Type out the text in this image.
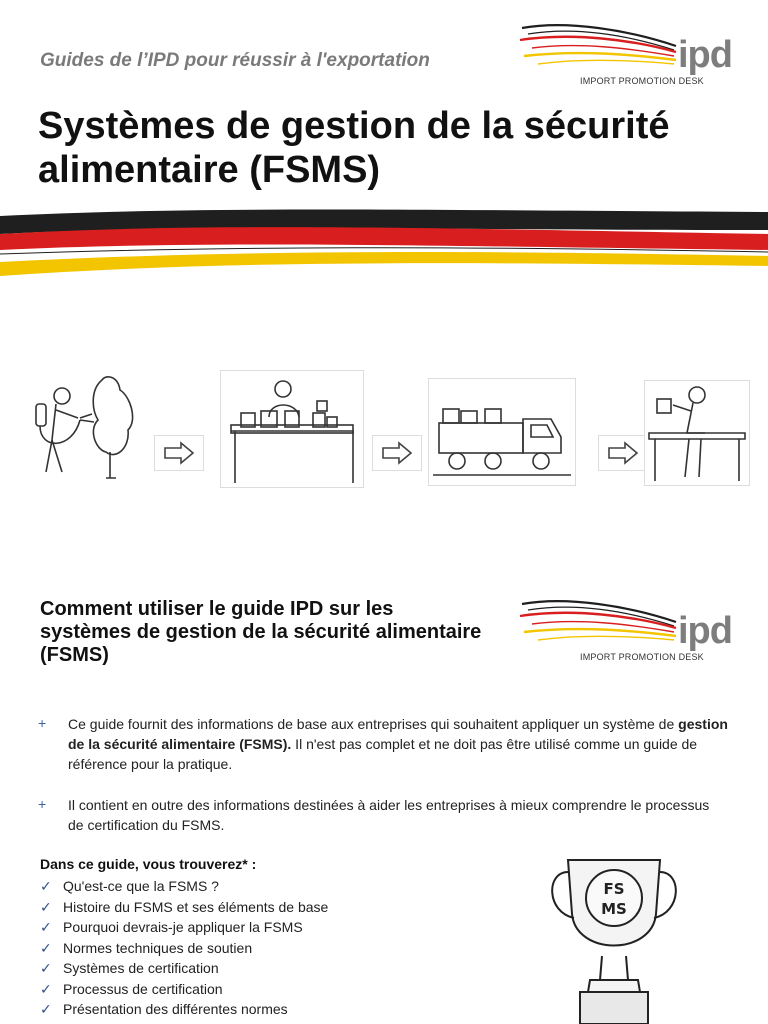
Guides de l’IPD pour réussir à l'exportation	ipd
IMPORT PROMOTION DESK
Systèmes de gestion de la sécurité
alimentaire (FSMS)
Comment utiliser le guide IPD sur les
systèmes de gestion de la sécurité alimentaire
(FSMS)
ipd
IMPORT PROMOTION DESK
+ Ce guide fournit des informations de base aux entreprises qui souhaitent appliquer un système de gestion de la sécurité alimentaire (FSMS). Il n'est pas complet et ne doit pas être utilisé comme un guide de référence pour la pratique.
+ Il contient en outre des informations destinées à aider les entreprises à mieux comprendre le processus de certification du FSMS.
Dans ce guide, vous trouverez* :
✓ Qu'est-ce que la FSMS ?
✓ Histoire du FSMS et ses éléments de base
✓ Pourquoi devrais-je appliquer la FSMS
✓ Normes techniques de soutien
✓ Systèmes de certification
✓ Processus de certification
✓ Présentation des différentes normes
FS
MS
